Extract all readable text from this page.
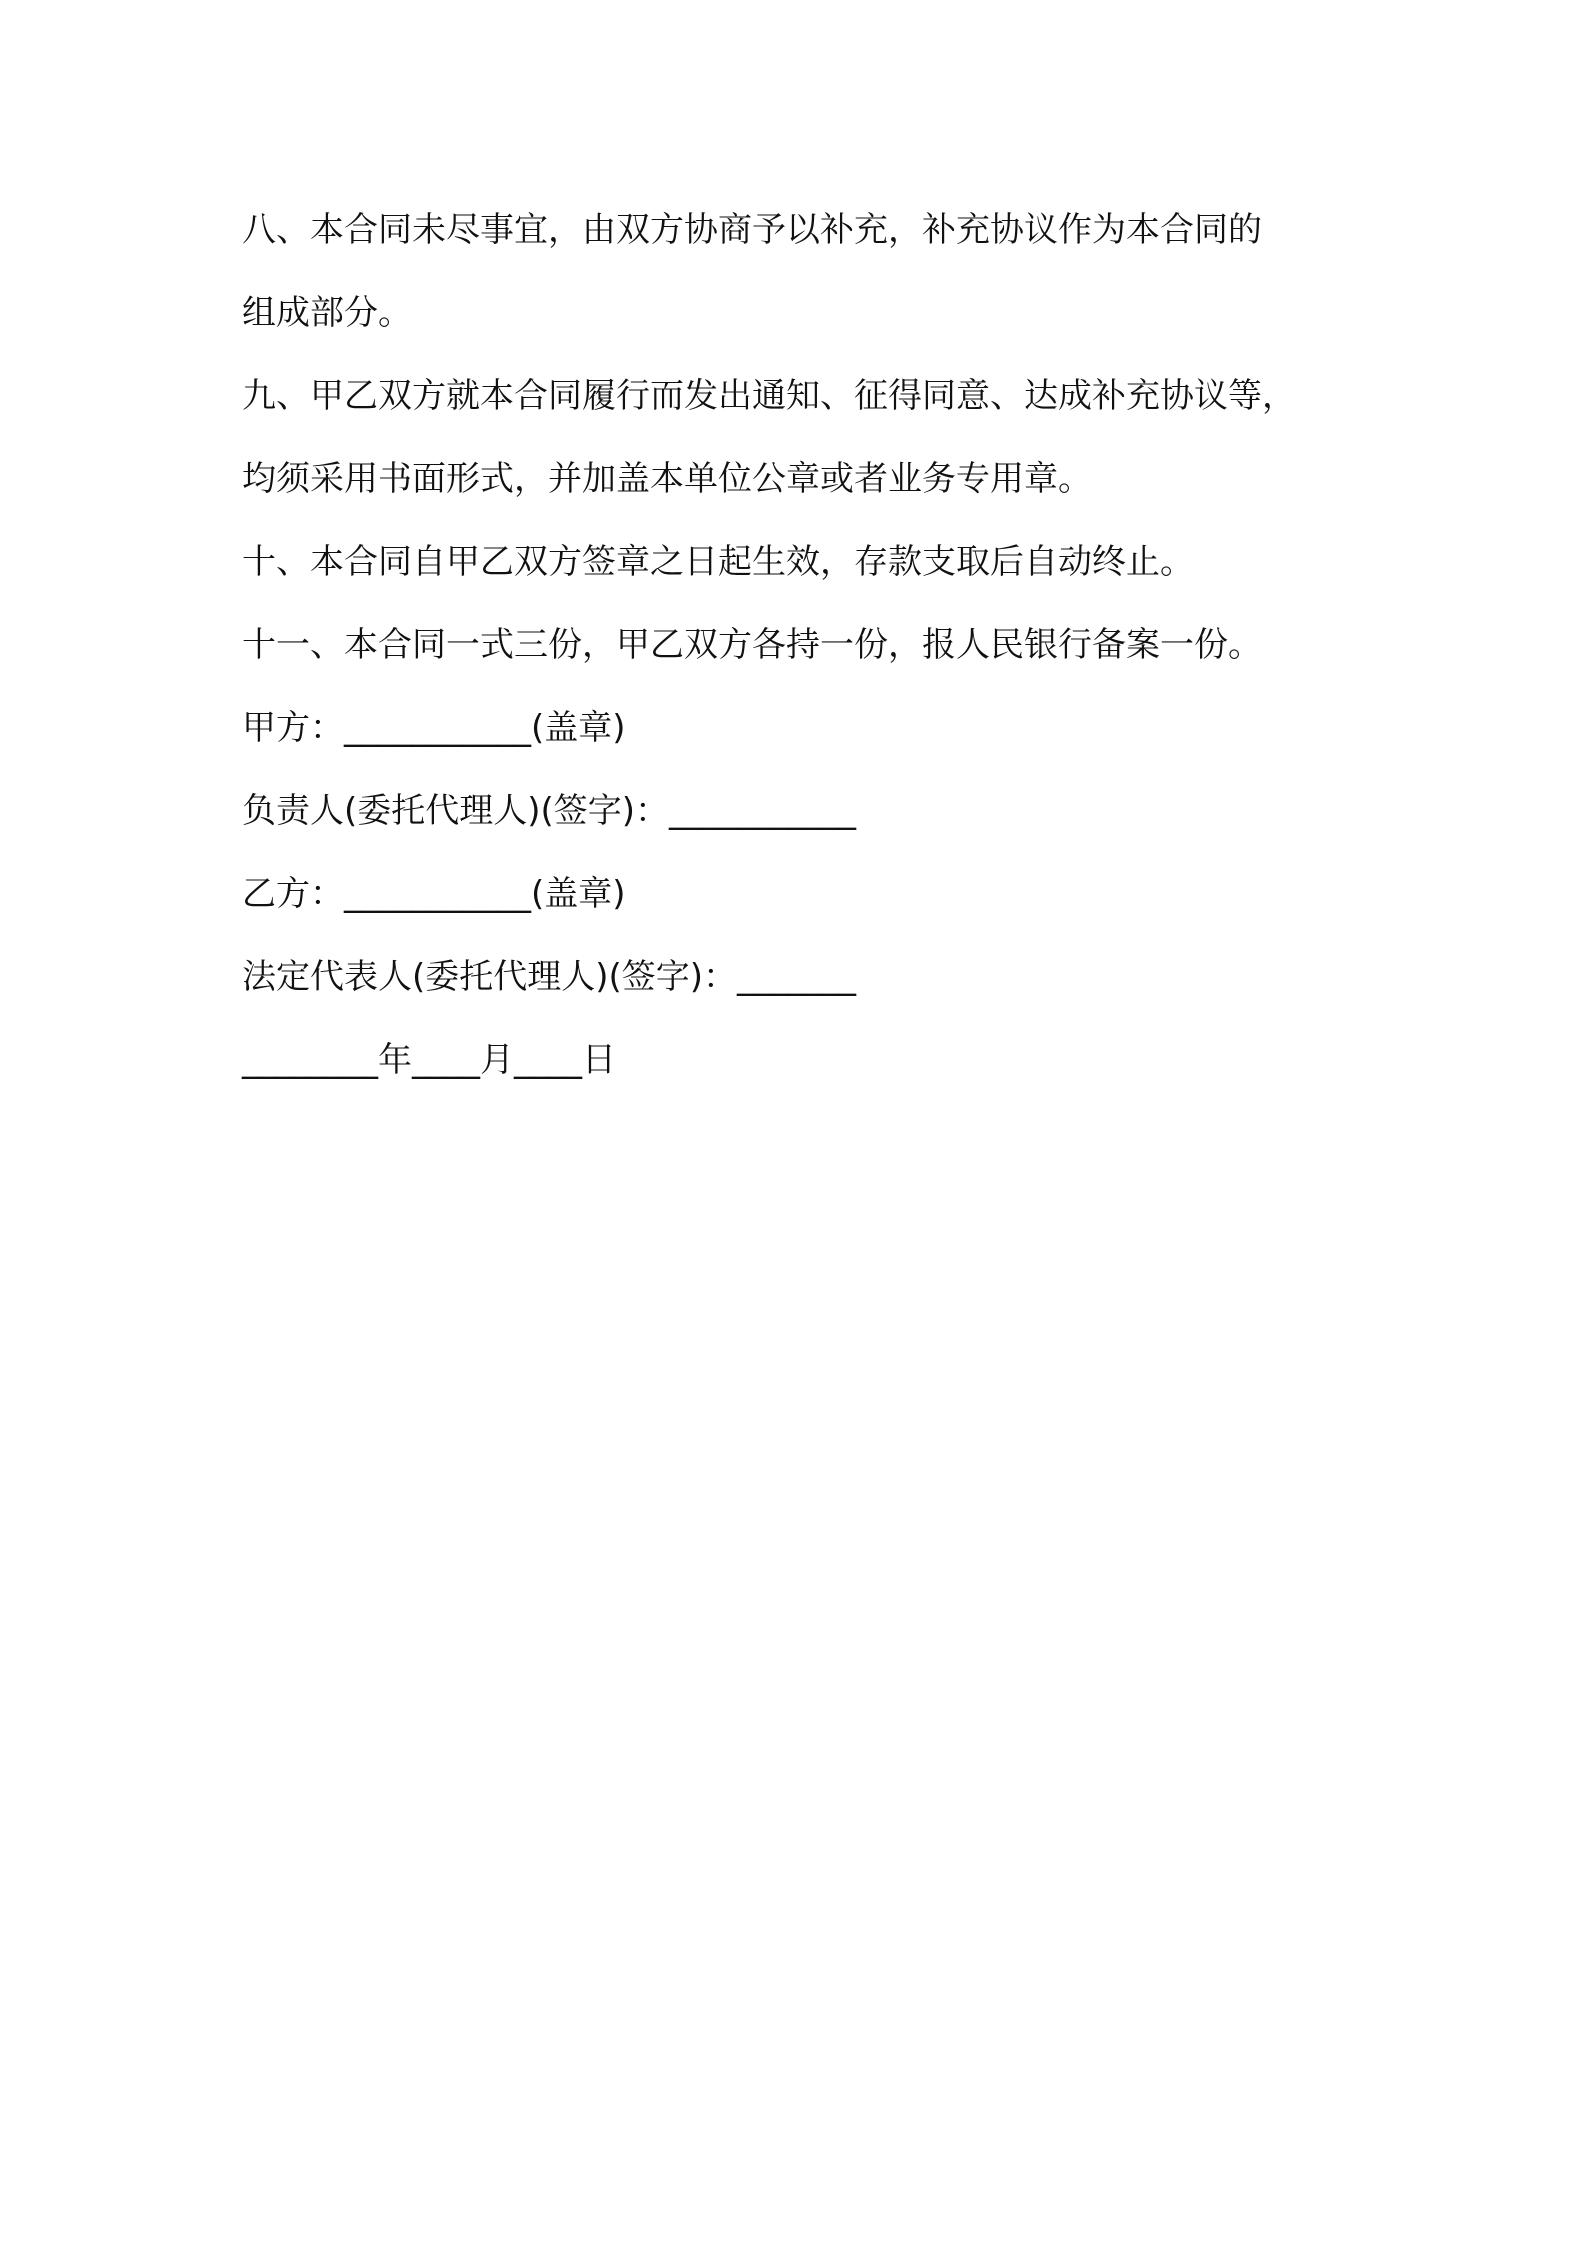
八、本合同未尽事宜，由双方协商予以补充，补充协议作为本合同的
组成部分。
九、甲乙双方就本合同履行而发出通知、征得同意、达成补充协议等，
均须采用书面形式，并加盖本单位公章或者业务专用章。
十、本合同自甲乙双方签章之日起生效，存款支取后自动终止。
十一、本合同一式三份，甲乙双方各持一份，报人民银行备案一份。
甲方：___________(盖章)
负责人(委托代理人)(签字)：___________
乙方：___________(盖章)
法定代表人(委托代理人)(签字)：_______
________年____月____日
